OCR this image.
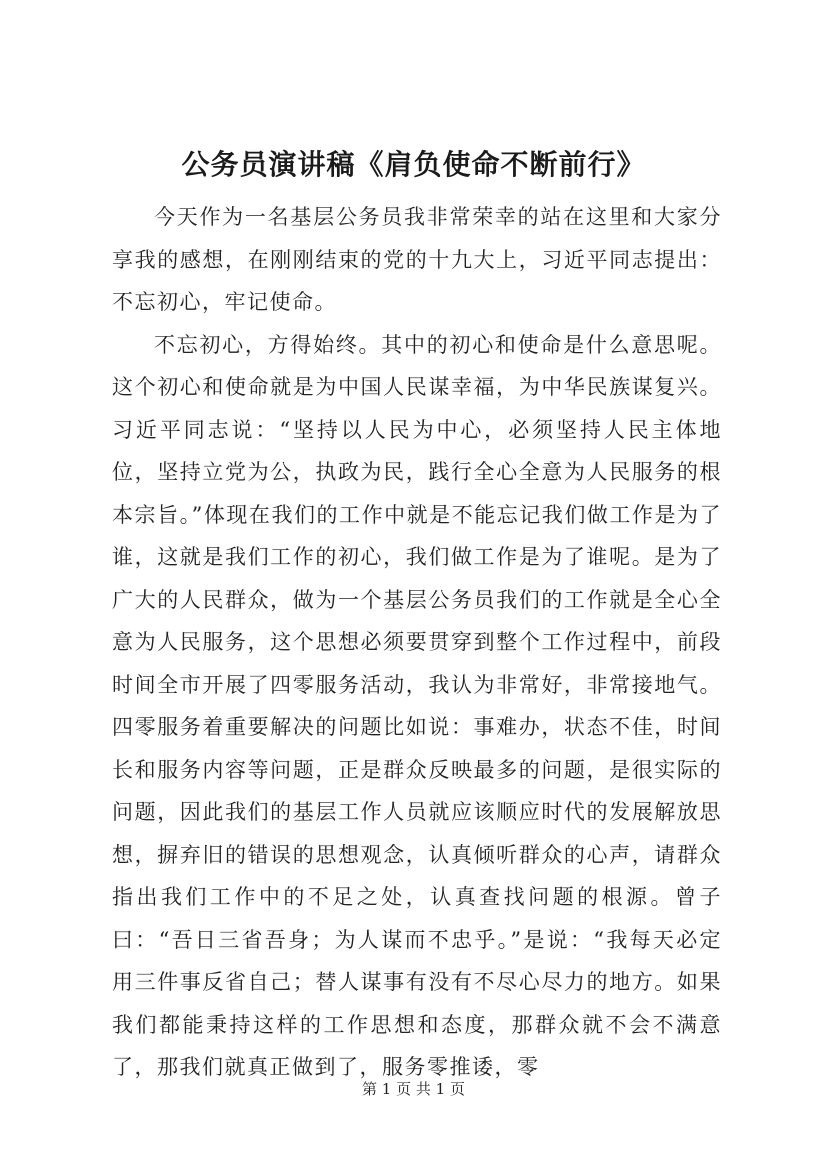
公务员演讲稿《肩负使命不断前行》

今天作为一名基层公务员我非常荣幸的站在这里和大家分享我的感想，在刚刚结束的党的十九大上，习近平同志提出：不忘初心，牢记使命。

不忘初心，方得始终。其中的初心和使命是什么意思呢。这个初心和使命就是为中国人民谋幸福，为中华民族谋复兴。习近平同志说：“坚持以人民为中心，必须坚持人民主体地位，坚持立党为公，执政为民，践行全心全意为人民服务的根本宗旨。”体现在我们的工作中就是不能忘记我们做工作是为了谁，这就是我们工作的初心，我们做工作是为了谁呢。是为了广大的人民群众，做为一个基层公务员我们的工作就是全心全意为人民服务，这个思想必须要贯穿到整个工作过程中，前段时间全市开展了四零服务活动，我认为非常好，非常接地气。四零服务着重要解决的问题比如说：事难办，状态不佳，时间长和服务内容等问题，正是群众反映最多的问题，是很实际的问题，因此我们的基层工作人员就应该顺应时代的发展解放思想，摒弃旧的错误的思想观念，认真倾听群众的心声，请群众指出我们工作中的不足之处，认真查找问题的根源。曾子曰：“吾日三省吾身；为人谋而不忠乎。”是说：“我每天必定用三件事反省自己；替人谋事有没有不尽心尽力的地方。如果我们都能秉持这样的工作思想和态度，那群众就不会不满意了，那我们就真正做到了，服务零推诿，零

第 1 页 共 1 页
